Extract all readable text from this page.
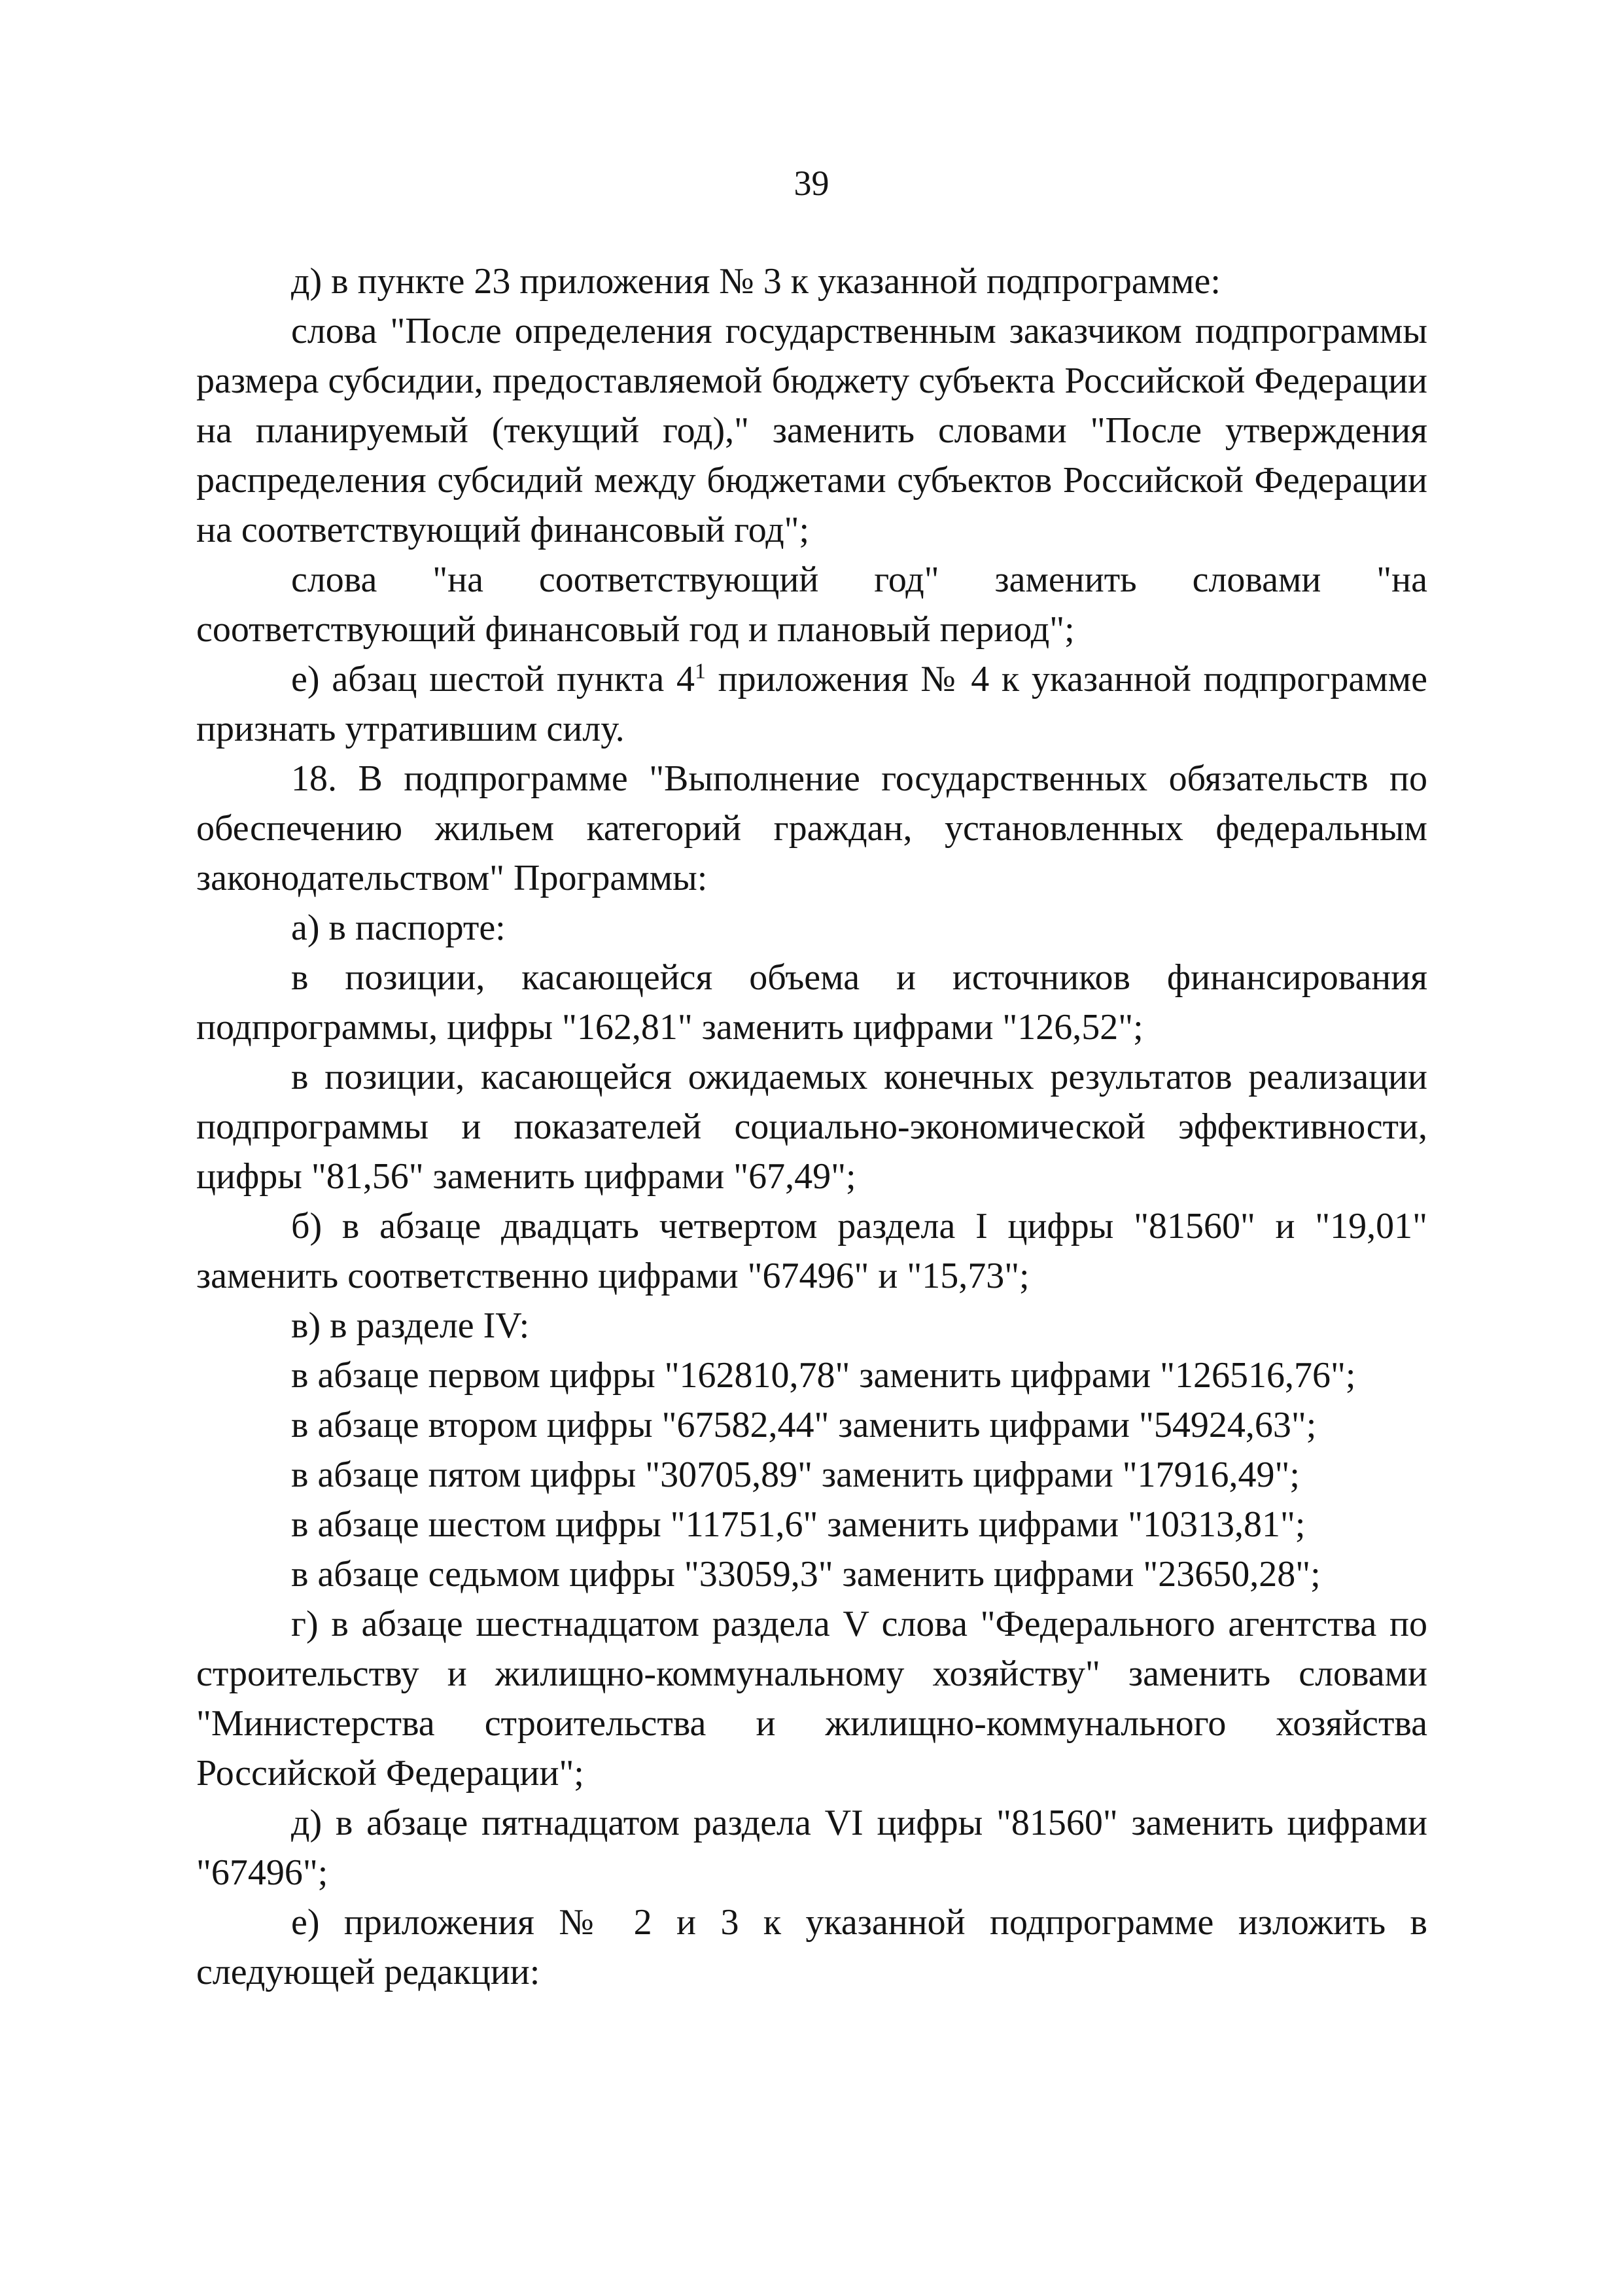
39

д) в пункте 23 приложения № 3 к указанной подпрограмме:

слова "После определения государственным заказчиком подпрограммы размера субсидии, предоставляемой бюджету субъекта Российской Федерации на планируемый (текущий год)," заменить словами "После утверждения распределения субсидий между бюджетами субъектов Российской Федерации на соответствующий финансовый год";

слова "на соответствующий год" заменить словами "на соответствующий финансовый год и плановый период";

е) абзац шестой пункта $4^1$ приложения № 4 к указанной подпрограмме признать утратившим силу.

18. В подпрограмме "Выполнение государственных обязательств по обеспечению жильем категорий граждан, установленных федеральным законодательством" Программы:

а) в паспорте:

в позиции, касающейся объема и источников финансирования подпрограммы, цифры "162,81" заменить цифрами "126,52";

в позиции, касающейся ожидаемых конечных результатов реализации подпрограммы и показателей социально-экономической эффективности, цифры "81,56" заменить цифрами "67,49";

б) в абзаце двадцать четвертом раздела I цифры "81560" и "19,01" заменить соответственно цифрами "67496" и "15,73";

в) в разделе IV:

в абзаце первом цифры "162810,78" заменить цифрами "126516,76";

в абзаце втором цифры "67582,44" заменить цифрами "54924,63";

в абзаце пятом цифры "30705,89" заменить цифрами "17916,49";

в абзаце шестом цифры "11751,6" заменить цифрами "10313,81";

в абзаце седьмом цифры "33059,3" заменить цифрами "23650,28";

г) в абзаце шестнадцатом раздела V слова "Федерального агентства по строительству и жилищно-коммунальному хозяйству" заменить словами "Министерства строительства и жилищно-коммунального хозяйства Российской Федерации";

д) в абзаце пятнадцатом раздела VI цифры "81560" заменить цифрами "67496";

е) приложения № 2 и 3 к указанной подпрограмме изложить в следующей редакции:
